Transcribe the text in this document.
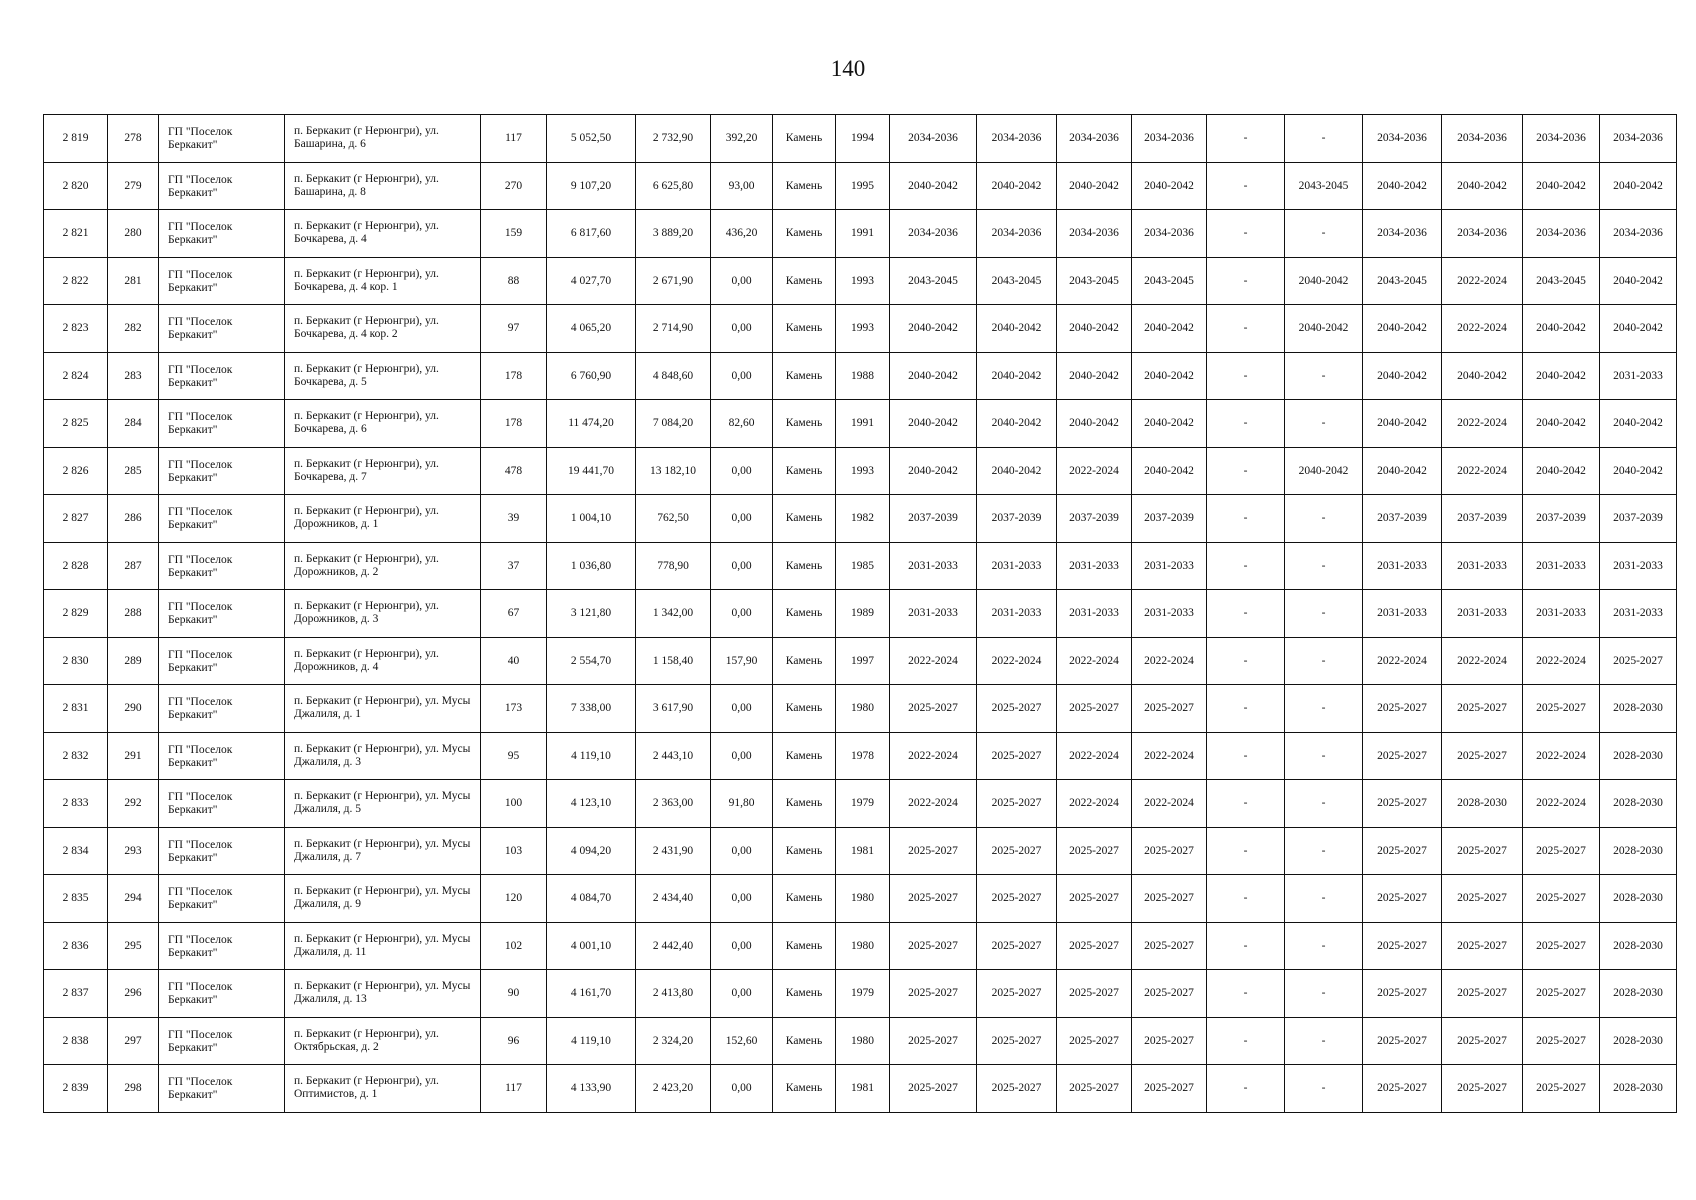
140
2 819	278	ГП "Поселок Беркакит"	п. Беркакит (г Нерюнгри), ул. Башарина, д. 6	117	5 052,50	2 732,90	392,20	Камень	1994	2034-2036	2034-2036	2034-2036	2034-2036	-	-	2034-2036	2034-2036	2034-2036	2034-2036
2 820	279	ГП "Поселок Беркакит"	п. Беркакит (г Нерюнгри), ул. Башарина, д. 8	270	9 107,20	6 625,80	93,00	Камень	1995	2040-2042	2040-2042	2040-2042	2040-2042	-	2043-2045	2040-2042	2040-2042	2040-2042	2040-2042
2 821	280	ГП "Поселок Беркакит"	п. Беркакит (г Нерюнгри), ул. Бочкарева, д. 4	159	6 817,60	3 889,20	436,20	Камень	1991	2034-2036	2034-2036	2034-2036	2034-2036	-	-	2034-2036	2034-2036	2034-2036	2034-2036
2 822	281	ГП "Поселок Беркакит"	п. Беркакит (г Нерюнгри), ул. Бочкарева, д. 4 кор. 1	88	4 027,70	2 671,90	0,00	Камень	1993	2043-2045	2043-2045	2043-2045	2043-2045	-	2040-2042	2043-2045	2022-2024	2043-2045	2040-2042
2 823	282	ГП "Поселок Беркакит"	п. Беркакит (г Нерюнгри), ул. Бочкарева, д. 4 кор. 2	97	4 065,20	2 714,90	0,00	Камень	1993	2040-2042	2040-2042	2040-2042	2040-2042	-	2040-2042	2040-2042	2022-2024	2040-2042	2040-2042
2 824	283	ГП "Поселок Беркакит"	п. Беркакит (г Нерюнгри), ул. Бочкарева, д. 5	178	6 760,90	4 848,60	0,00	Камень	1988	2040-2042	2040-2042	2040-2042	2040-2042	-	-	2040-2042	2040-2042	2040-2042	2031-2033
2 825	284	ГП "Поселок Беркакит"	п. Беркакит (г Нерюнгри), ул. Бочкарева, д. 6	178	11 474,20	7 084,20	82,60	Камень	1991	2040-2042	2040-2042	2040-2042	2040-2042	-	-	2040-2042	2022-2024	2040-2042	2040-2042
2 826	285	ГП "Поселок Беркакит"	п. Беркакит (г Нерюнгри), ул. Бочкарева, д. 7	478	19 441,70	13 182,10	0,00	Камень	1993	2040-2042	2040-2042	2022-2024	2040-2042	-	2040-2042	2040-2042	2022-2024	2040-2042	2040-2042
2 827	286	ГП "Поселок Беркакит"	п. Беркакит (г Нерюнгри), ул. Дорожников, д. 1	39	1 004,10	762,50	0,00	Камень	1982	2037-2039	2037-2039	2037-2039	2037-2039	-	-	2037-2039	2037-2039	2037-2039	2037-2039
2 828	287	ГП "Поселок Беркакит"	п. Беркакит (г Нерюнгри), ул. Дорожников, д. 2	37	1 036,80	778,90	0,00	Камень	1985	2031-2033	2031-2033	2031-2033	2031-2033	-	-	2031-2033	2031-2033	2031-2033	2031-2033
2 829	288	ГП "Поселок Беркакит"	п. Беркакит (г Нерюнгри), ул. Дорожников, д. 3	67	3 121,80	1 342,00	0,00	Камень	1989	2031-2033	2031-2033	2031-2033	2031-2033	-	-	2031-2033	2031-2033	2031-2033	2031-2033
2 830	289	ГП "Поселок Беркакит"	п. Беркакит (г Нерюнгри), ул. Дорожников, д. 4	40	2 554,70	1 158,40	157,90	Камень	1997	2022-2024	2022-2024	2022-2024	2022-2024	-	-	2022-2024	2022-2024	2022-2024	2025-2027
2 831	290	ГП "Поселок Беркакит"	п. Беркакит (г Нерюнгри), ул. Мусы Джалиля, д. 1	173	7 338,00	3 617,90	0,00	Камень	1980	2025-2027	2025-2027	2025-2027	2025-2027	-	-	2025-2027	2025-2027	2025-2027	2028-2030
2 832	291	ГП "Поселок Беркакит"	п. Беркакит (г Нерюнгри), ул. Мусы Джалиля, д. 3	95	4 119,10	2 443,10	0,00	Камень	1978	2022-2024	2025-2027	2022-2024	2022-2024	-	-	2025-2027	2025-2027	2022-2024	2028-2030
2 833	292	ГП "Поселок Беркакит"	п. Беркакит (г Нерюнгри), ул. Мусы Джалиля, д. 5	100	4 123,10	2 363,00	91,80	Камень	1979	2022-2024	2025-2027	2022-2024	2022-2024	-	-	2025-2027	2028-2030	2022-2024	2028-2030
2 834	293	ГП "Поселок Беркакит"	п. Беркакит (г Нерюнгри), ул. Мусы Джалиля, д. 7	103	4 094,20	2 431,90	0,00	Камень	1981	2025-2027	2025-2027	2025-2027	2025-2027	-	-	2025-2027	2025-2027	2025-2027	2028-2030
2 835	294	ГП "Поселок Беркакит"	п. Беркакит (г Нерюнгри), ул. Мусы Джалиля, д. 9	120	4 084,70	2 434,40	0,00	Камень	1980	2025-2027	2025-2027	2025-2027	2025-2027	-	-	2025-2027	2025-2027	2025-2027	2028-2030
2 836	295	ГП "Поселок Беркакит"	п. Беркакит (г Нерюнгри), ул. Мусы Джалиля, д. 11	102	4 001,10	2 442,40	0,00	Камень	1980	2025-2027	2025-2027	2025-2027	2025-2027	-	-	2025-2027	2025-2027	2025-2027	2028-2030
2 837	296	ГП "Поселок Беркакит"	п. Беркакит (г Нерюнгри), ул. Мусы Джалиля, д. 13	90	4 161,70	2 413,80	0,00	Камень	1979	2025-2027	2025-2027	2025-2027	2025-2027	-	-	2025-2027	2025-2027	2025-2027	2028-2030
2 838	297	ГП "Поселок Беркакит"	п. Беркакит (г Нерюнгри), ул. Октябрьская, д. 2	96	4 119,10	2 324,20	152,60	Камень	1980	2025-2027	2025-2027	2025-2027	2025-2027	-	-	2025-2027	2025-2027	2025-2027	2028-2030
2 839	298	ГП "Поселок Беркакит"	п. Беркакит (г Нерюнгри), ул. Оптимистов, д. 1	117	4 133,90	2 423,20	0,00	Камень	1981	2025-2027	2025-2027	2025-2027	2025-2027	-	-	2025-2027	2025-2027	2025-2027	2028-2030
